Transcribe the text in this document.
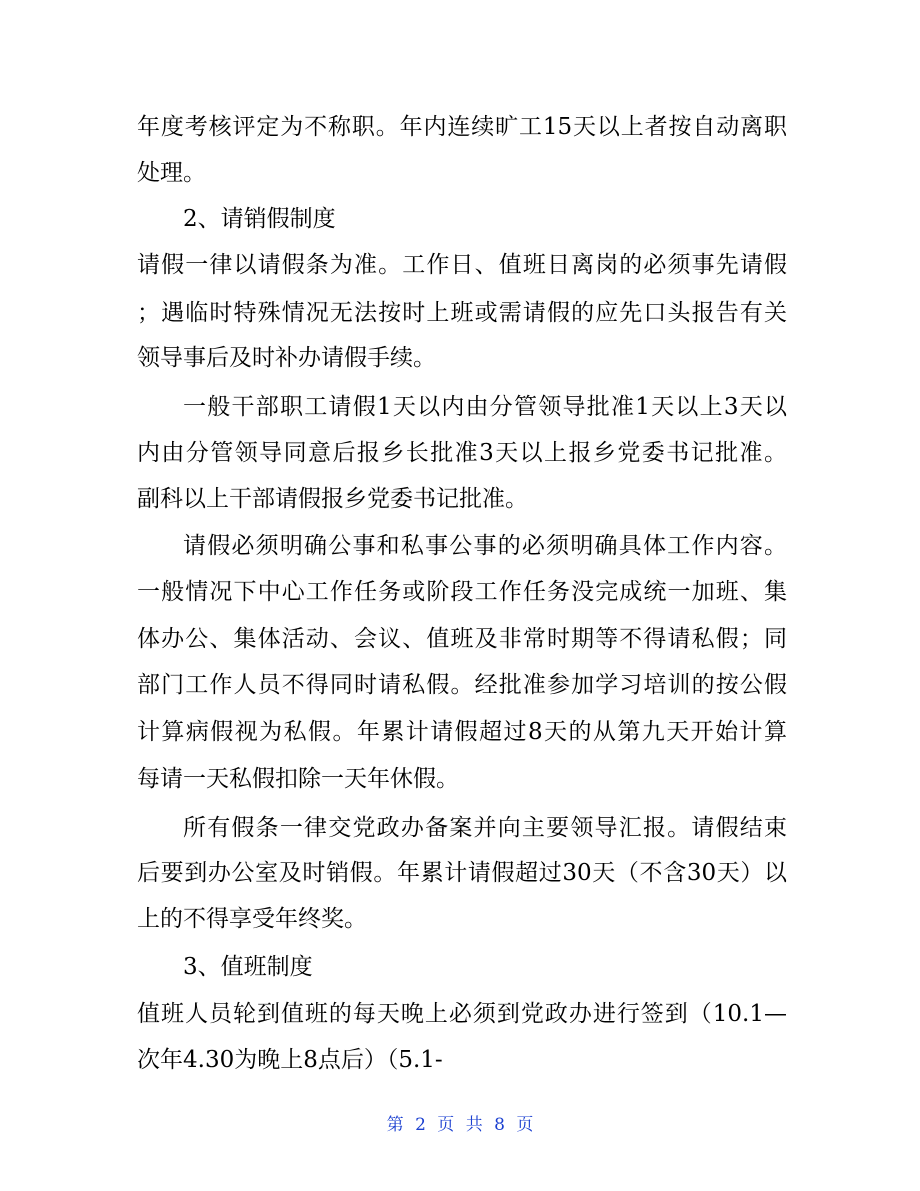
年度考核评定为不称职。年内连续旷工15天以上者按自动离职
处理。
2、请销假制度
请假一律以请假条为准。工作日、值班日离岗的必须事先请假
；遇临时特殊情况无法按时上班或需请假的应先口头报告有关
领导事后及时补办请假手续。
一般干部职工请假1天以内由分管领导批准1天以上3天以
内由分管领导同意后报乡长批准3天以上报乡党委书记批准。
副科以上干部请假报乡党委书记批准。
请假必须明确公事和私事公事的必须明确具体工作内容。
一般情况下中心工作任务或阶段工作任务没完成统一加班、集
体办公、集体活动、会议、值班及非常时期等不得请私假；同
部门工作人员不得同时请私假。经批准参加学习培训的按公假
计算病假视为私假。年累计请假超过8天的从第九天开始计算
每请一天私假扣除一天年休假。
所有假条一律交党政办备案并向主要领导汇报。请假结束
后要到办公室及时销假。年累计请假超过30天（不含30天）以
上的不得享受年终奖。
3、值班制度
值班人员轮到值班的每天晚上必须到党政办进行签到（10.1—
次年4.30为晚上8点后）（5.1-
第 2 页 共 8 页
